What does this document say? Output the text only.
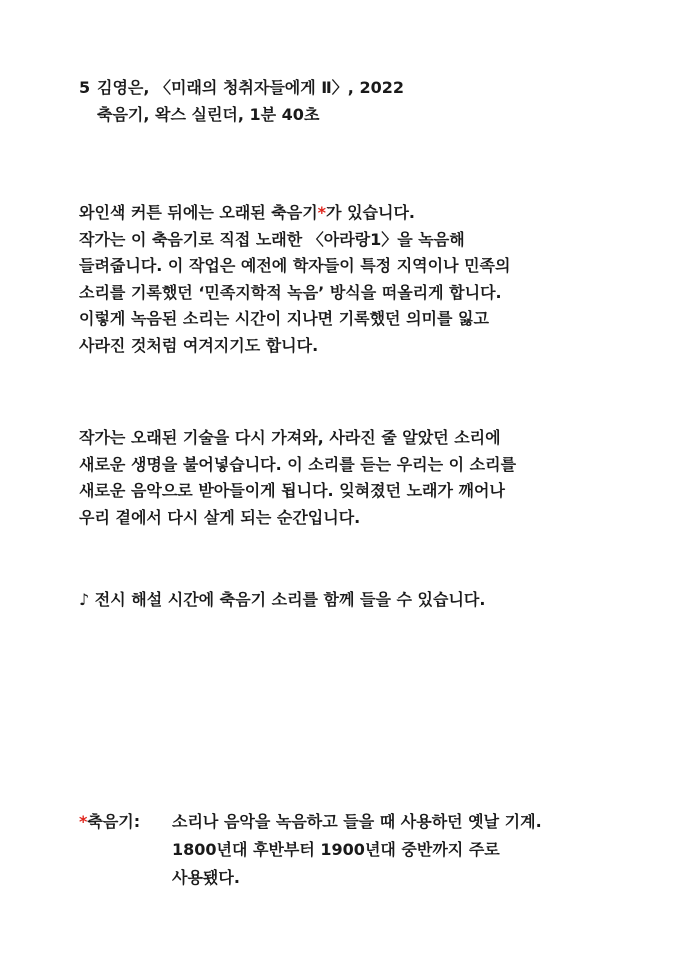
5 김영은, 〈미래의 청취자들에게 Ⅱ〉, 2022
축음기, 왁스 실린더, 1분 40초
와인색 커튼 뒤에는 오래된 축음기*가 있습니다.
작가는 이 축음기로 직접 노래한 〈아라랑1〉을 녹음해
들려줍니다. 이 작업은 예전에 학자들이 특정 지역이나 민족의
소리를 기록했던 ‘민족지학적 녹음’ 방식을 떠올리게 합니다.
이렇게 녹음된 소리는 시간이 지나면 기록했던 의미를 잃고
사라진 것처럼 여겨지기도 합니다.
작가는 오래된 기술을 다시 가져와, 사라진 줄 알았던 소리에
새로운 생명을 불어넣습니다. 이 소리를 듣는 우리는 이 소리를
새로운 음악으로 받아들이게 됩니다. 잊혀졌던 노래가 깨어나
우리 곁에서 다시 살게 되는 순간입니다.
♪ 전시 해설 시간에 축음기 소리를 함께 들을 수 있습니다.
*축음기: 소리나 음악을 녹음하고 들을 때 사용하던 옛날 기계.
1800년대 후반부터 1900년대 중반까지 주로
사용됐다.
